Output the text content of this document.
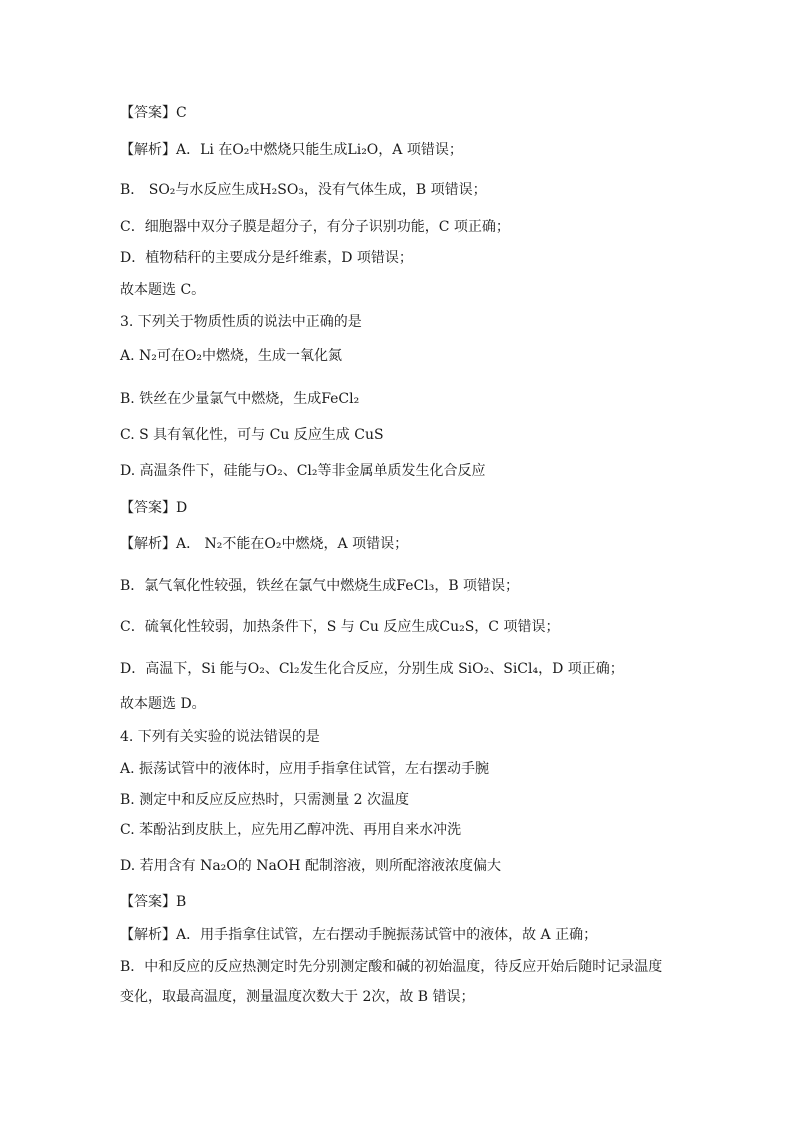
【答案】C
【解析】A．Li 在O₂中燃烧只能生成Li₂O，A 项错误；
B． SO₂与水反应生成H₂SO₃，没有气体生成，B 项错误；
C．细胞器中双分子膜是超分子，有分子识别功能，C 项正确；
D．植物秸秆的主要成分是纤维素，D 项错误；
故本题选 C。
3. 下列关于物质性质的说法中正确的是
A. N₂可在O₂中燃烧，生成一氧化氮
B. 铁丝在少量氯气中燃烧，生成FeCl₂
C. S 具有氧化性，可与 Cu 反应生成 CuS
D. 高温条件下，硅能与O₂、Cl₂等非金属单质发生化合反应
【答案】D
【解析】A． N₂不能在O₂中燃烧，A 项错误；
B．氯气氧化性较强，铁丝在氯气中燃烧生成FeCl₃，B 项错误；
C．硫氧化性较弱，加热条件下，S 与 Cu 反应生成Cu₂S，C 项错误；
D．高温下，Si 能与O₂、Cl₂发生化合反应，分别生成 SiO₂、SiCl₄，D 项正确；
故本题选 D。
4. 下列有关实验的说法错误的是
A. 振荡试管中的液体时，应用手指拿住试管，左右摆动手腕
B. 测定中和反应反应热时，只需测量 2 次温度
C. 苯酚沾到皮肤上，应先用乙醇冲洗、再用自来水冲洗
D. 若用含有 Na₂O的 NaOH 配制溶液，则所配溶液浓度偏大
【答案】B
【解析】A．用手指拿住试管，左右摆动手腕振荡试管中的液体，故 A 正确；
B．中和反应的反应热测定时先分别测定酸和碱的初始温度，待反应开始后随时记录温度
变化，取最高温度，测量温度次数大于 2次，故 B 错误；
